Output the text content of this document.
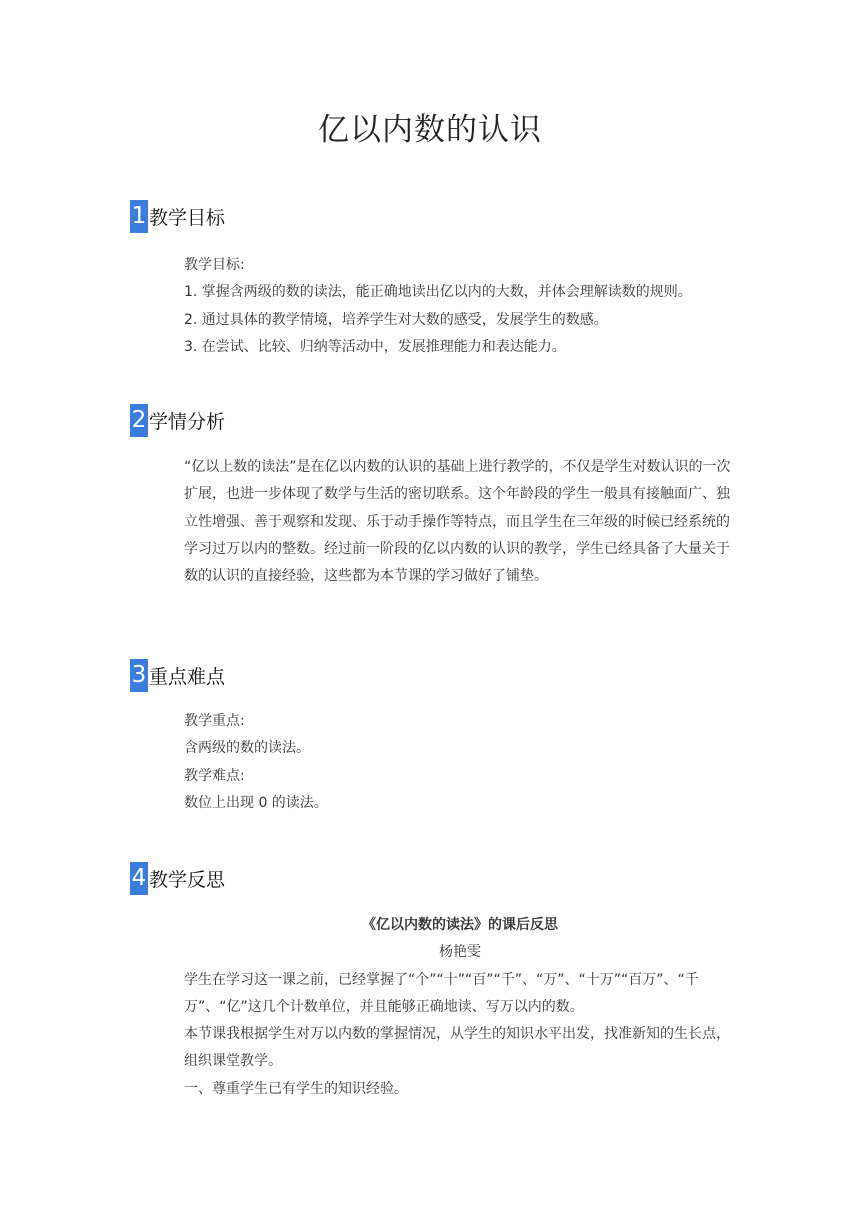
亿以内数的认识
1 教学目标

教学目标:

1. 掌握含两级的数的读法，能正确地读出亿以内的大数，并体会理解读数的规则。

2. 通过具体的教学情境，培养学生对大数的感受，发展学生的数感。

3. 在尝试、比较、归纳等活动中，发展推理能力和表达能力。

2 学情分析

“亿以上数的读法”是在亿以内数的认识的基础上进行教学的，不仅是学生对数认识的一次扩展，也进一步体现了数学与生活的密切联系。这个年龄段的学生一般具有接触面广、独立性增强、善于观察和发现、乐于动手操作等特点，而且学生在三年级的时候已经系统的学习过万以内的整数。经过前一阶段的亿以内数的认识的教学，学生已经具备了大量关于数的认识的直接经验，这些都为本节课的学习做好了铺垫。

3 重点难点

教学重点:

含两级的数的读法。

教学难点:

数位上出现 0 的读法。

4 教学反思

《亿以内数的读法》的课后反思

杨艳雯

学生在学习这一课之前，已经掌握了“个”“十”“百”“千”、“万”、“十万”“百万”、“千万”、“亿”这几个计数单位，并且能够正确地读、写万以内的数。

本节课我根据学生对万以内数的掌握情况，从学生的知识水平出发，找准新知的生长点，组织课堂教学。

一、尊重学生已有学生的知识经验。
